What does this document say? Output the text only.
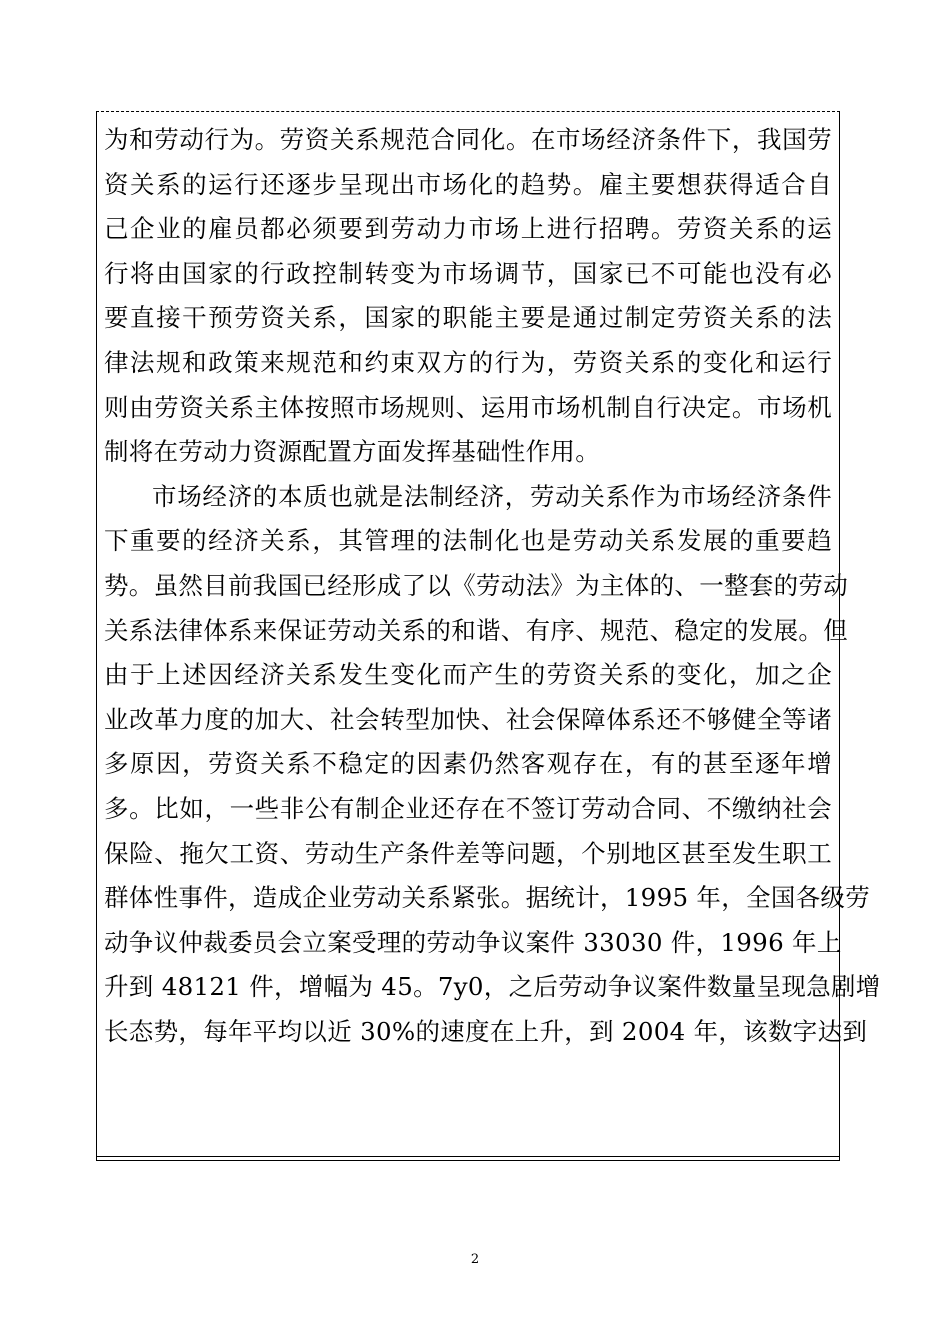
为和劳动行为。劳资关系规范合同化。在市场经济条件下，我国劳
资关系的运行还逐步呈现出市场化的趋势。雇主要想获得适合自
己企业的雇员都必须要到劳动力市场上进行招聘。劳资关系的运
行将由国家的行政控制转变为市场调节，国家已不可能也没有必
要直接干预劳资关系，国家的职能主要是通过制定劳资关系的法
律法规和政策来规范和约束双方的行为，劳资关系的变化和运行
则由劳资关系主体按照市场规则、运用市场机制自行决定。市场机
制将在劳动力资源配置方面发挥基础性作用。
市场经济的本质也就是法制经济，劳动关系作为市场经济条件
下重要的经济关系，其管理的法制化也是劳动关系发展的重要趋
势。虽然目前我国已经形成了以《劳动法》为主体的、一整套的劳动
关系法律体系来保证劳动关系的和谐、有序、规范、稳定的发展。但
由于上述因经济关系发生变化而产生的劳资关系的变化，加之企
业改革力度的加大、社会转型加快、社会保障体系还不够健全等诸
多原因，劳资关系不稳定的因素仍然客观存在，有的甚至逐年增
多。比如，一些非公有制企业还存在不签订劳动合同、不缴纳社会
保险、拖欠工资、劳动生产条件差等问题，个别地区甚至发生职工
群体性事件，造成企业劳动关系紧张。据统计，1995 年，全国各级劳
动争议仲裁委员会立案受理的劳动争议案件 33030 件，1996 年上
升到 48121 件，增幅为 45。7y0，之后劳动争议案件数量呈现急剧增
长态势，每年平均以近 30%的速度在上升，到 2004 年，该数字达到
2
